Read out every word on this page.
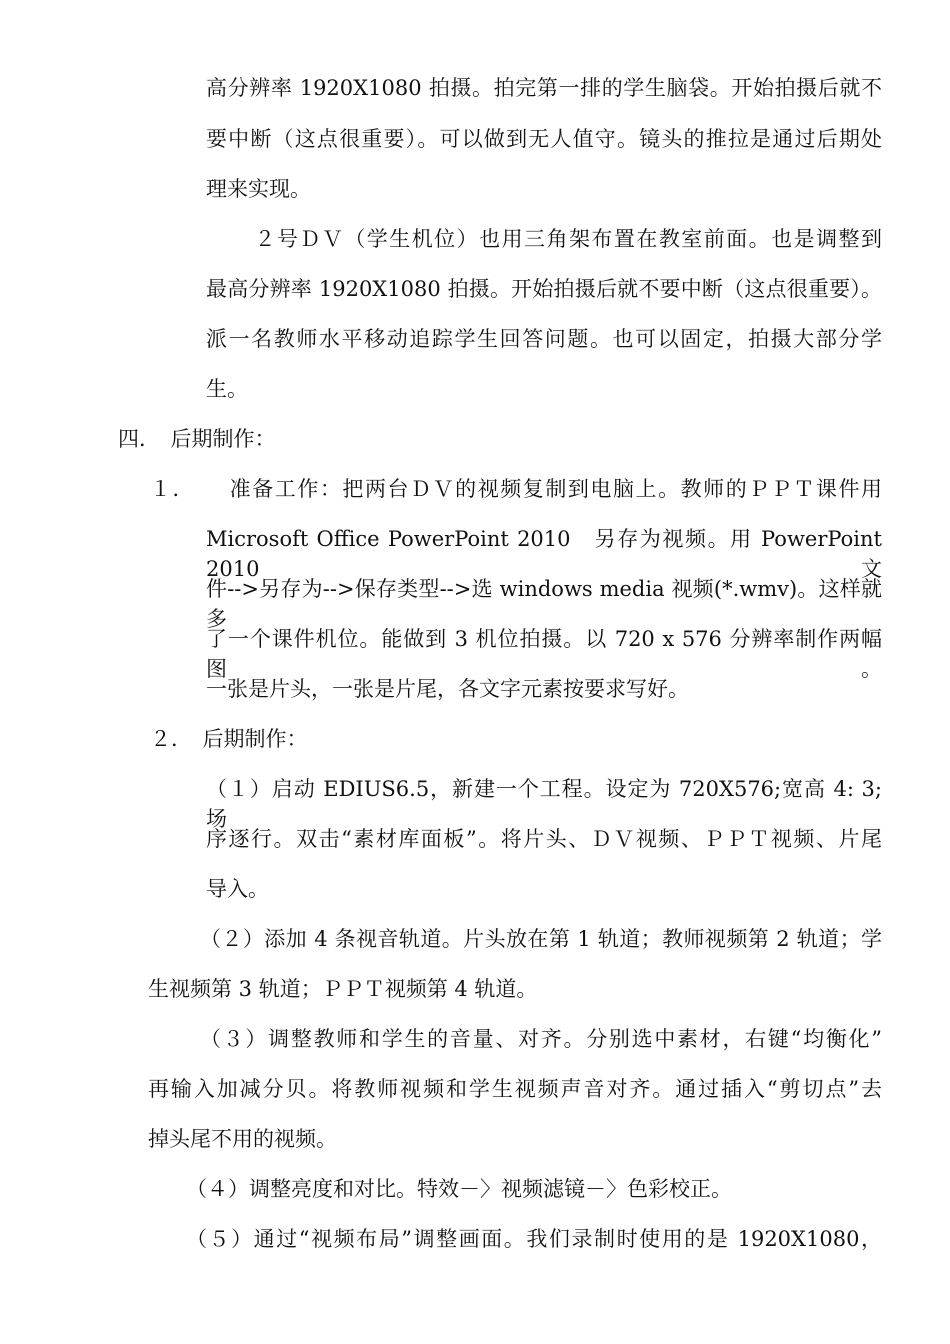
高分辨率 1920X1080 拍摄。拍完第一排的学生脑袋。开始拍摄后就不
要中断（这点很重要）。可以做到无人值守。镜头的推拉是通过后期处
理来实现。
　２号ＤＶ（学生机位）也用三角架布置在教室前面。也是调整到
最高分辨率 1920X1080 拍摄。开始拍摄后就不要中断（这点很重要）。
派一名教师水平移动追踪学生回答问题。也可以固定，拍摄大部分学
生。
四．　后期制作：
１．　　准备工作：把两台ＤＶ的视频复制到电脑上。教师的ＰＰＴ课件用
Microsoft Office PowerPoint 2010　另存为视频。用 PowerPoint 2010 文
件-->另存为-->保存类型-->选 windows media 视频(*.wmv)。这样就多
了一个课件机位。能做到 3 机位拍摄。以 720 x 576 分辨率制作两幅图。
一张是片头，一张是片尾，各文字元素按要求写好。
２．　后期制作：
（１）启动 EDIUS6.5，新建一个工程。设定为 720X576;宽高 4: 3; 场
序逐行。双击“素材库面板”。将片头、ＤＶ视频、ＰＰＴ视频、片尾
导入。
（２）添加 4 条视音轨道。片头放在第 1 轨道；教师视频第 2 轨道；学
生视频第 3 轨道；ＰＰＴ视频第 4 轨道。
（３）调整教师和学生的音量、对齐。分别选中素材，右键“均衡化”
再输入加减分贝。将教师视频和学生视频声音对齐。通过插入“剪切点”去
掉头尾不用的视频。
（４）调整亮度和对比。特效－〉视频滤镜－〉色彩校正。
（５）通过“视频布局”调整画面。我们录制时使用的是 1920X1080，
